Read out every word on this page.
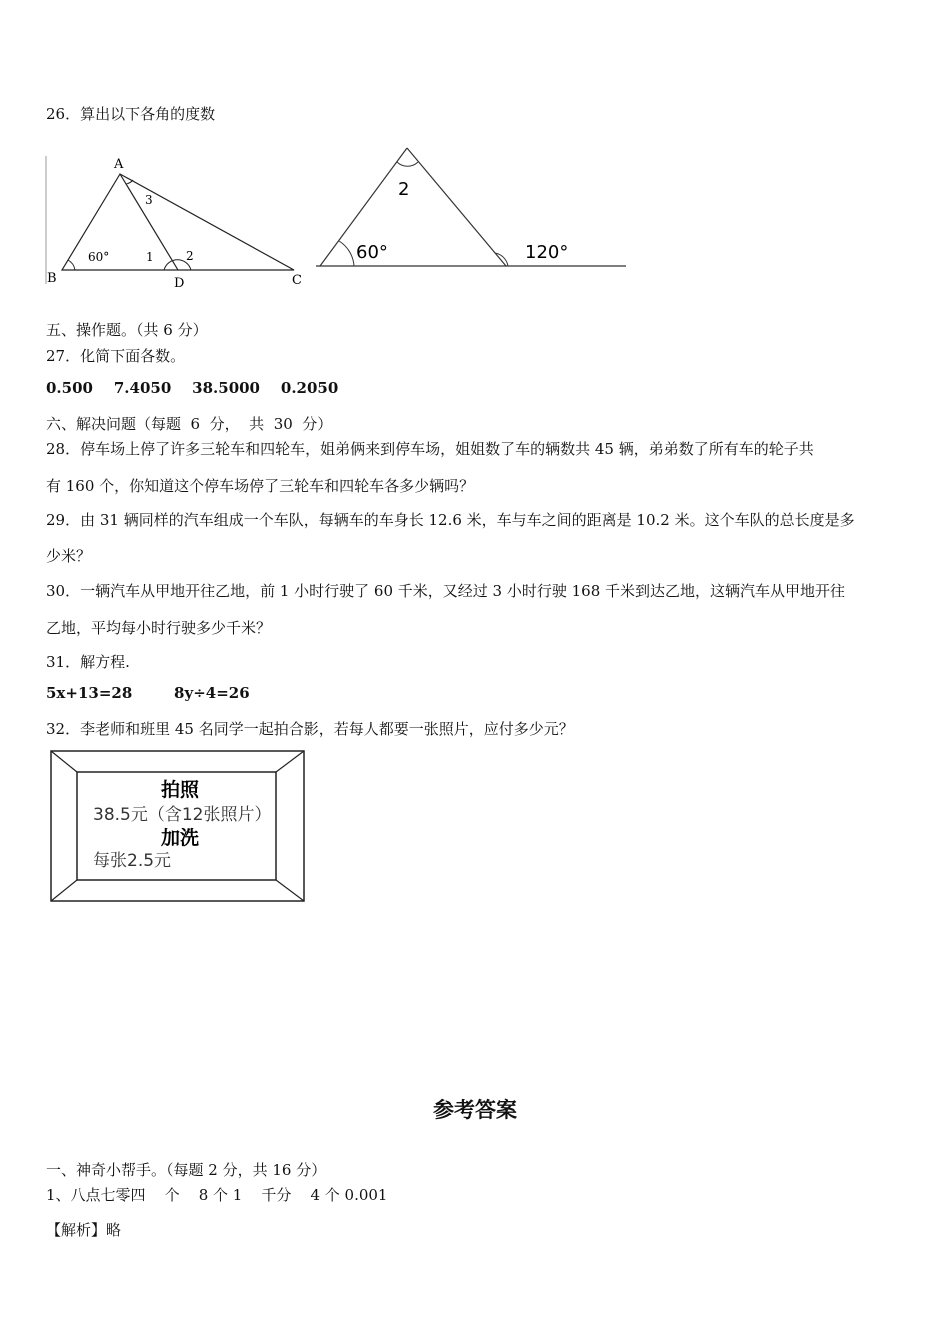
26．算出以下各角的度数
A
B	C
D
60°	1	2
3	2
60°	120°
五、操作题。（共 6 分）
27．化简下面各数。
0.500    7.4050    38.5000    0.2050
六、解决问题（每题  6  分，  共  30  分）
28．停车场上停了许多三轮车和四轮车，姐弟俩来到停车场，姐姐数了车的辆数共 45 辆，弟弟数了所有车的轮子共
有 160 个，你知道这个停车场停了三轮车和四轮车各多少辆吗？
29．由 31 辆同样的汽车组成一个车队，每辆车的车身长 12.6 米，车与车之间的距离是 10.2 米。这个车队的总长度是多
少米？
30．一辆汽车从甲地开往乙地，前 1 小时行驶了 60 千米，又经过 3 小时行驶 168 千米到达乙地，这辆汽车从甲地开往
乙地，平均每小时行驶多少千米？
31．解方程.
5x+13=28        8y÷4=26
32．李老师和班里 45 名同学一起拍合影，若每人都要一张照片，应付多少元？
拍照
38.5元（含12张照片）
加洗
每张2.5元
参考答案
一、神奇小帮手。（每题 2 分，共 16 分）
1、八点七零四    个    8 个 1    千分    4 个 0.001
【解析】略
